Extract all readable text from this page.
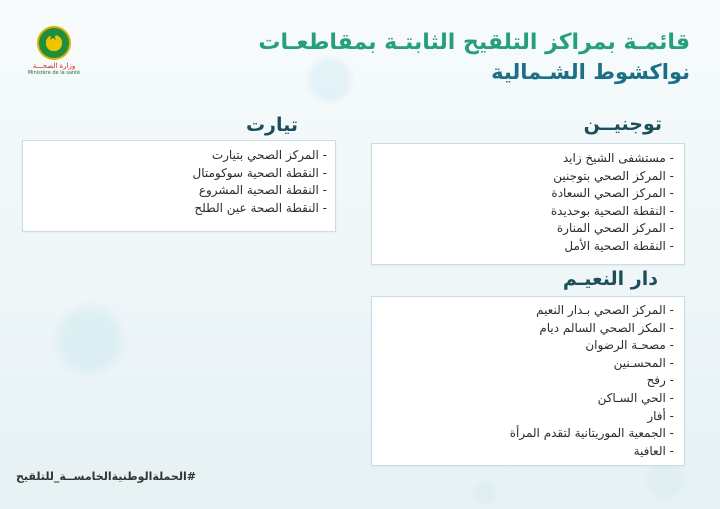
★
وزارة الصحـــة
Ministère de la santé
قائمـة بمراكز التلقيح الثابتـة بمقاطعـات
نواكشوط الشـمالية
توجنيــن
- مستشفى الشيخ زايد
- المركز الصحي بتوجنين
- المركز الصحي السعادة
- النقطة الصحية بوحديدة
- المركز الصحي المنارة
- النقطة الصحية الأمل
تيارت
- المركز الصحي بتيارت
- النقطة الصحية سوكومتال
- النقطة الصحية المشروع
- النقطة الصحة عين الطلح
دار النعيـم
- المركز الصحي بـدار النعيم
- المكز الصحي السالم ديام
- مصحـة الرضوان
- المحسـنين
- رفح
- الحي السـاكن
- أفار
- الجمعية الموريتانية لتقدم المرأة
- العافية
#الحملة‌الوطنية‌الخامســة‌_للتلقيح
